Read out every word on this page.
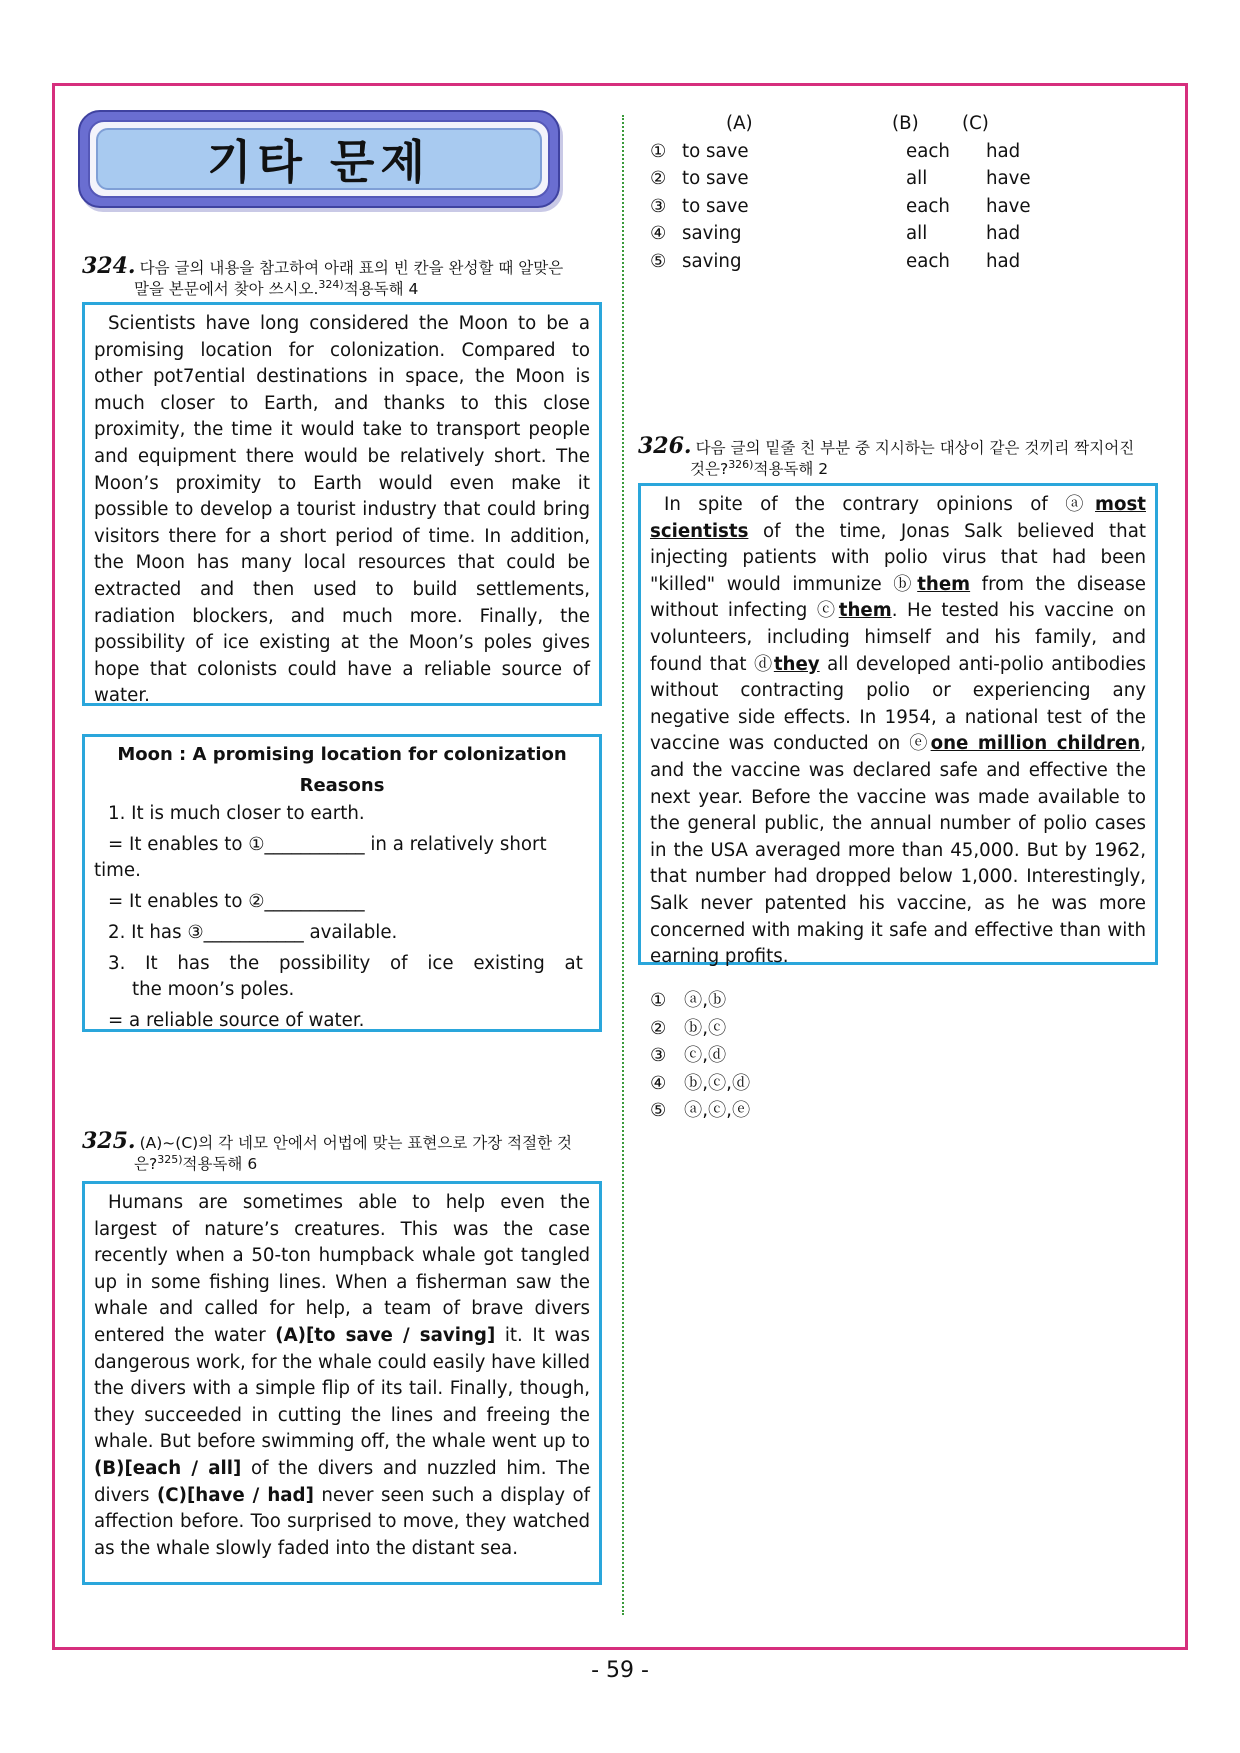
기타 문제
324. 다음 글의 내용을 참고하여 아래 표의 빈 칸을 완성할 때 알맞은
말을 본문에서 찾아 쓰시오.$^{324)}$적용독해 4
Scientists have long considered the Moon to be a promising location for colonization. Compared to other pot7ential destinations in space, the Moon is much closer to Earth, and thanks to this close proximity, the time it would take to transport people and equipment there would be relatively short. The Moon’s proximity to Earth would even make it possible to develop a tourist industry that could bring visitors there for a short period of time. In addition, the Moon has many local resources that could be extracted and then used to build settlements, radiation blockers, and much more. Finally, the possibility of ice existing at the Moon’s poles gives hope that colonists could have a reliable source of water.
Moon : A promising location for colonization
Reasons
1. It is much closer to earth.
= It enables to ①___________ in a relatively short
time.
= It enables to ②___________
2. It has ③___________ available.
3. It has the possibility of ice existing at
the moon’s poles.
= a reliable source of water.
325. (A)~(C)의 각 네모 안에서 어법에 맞는 표현으로 가장 적절한 것
은?$^{325)}$적용독해 6
Humans are sometimes able to help even the largest of nature’s creatures. This was the case recently when a 50-ton humpback whale got tangled up in some fishing lines. When a fisherman saw the whale and called for help, a team of brave divers entered the water (A)[to save / saving] it. It was dangerous work, for the whale could easily have killed the divers with a simple flip of its tail. Finally, though, they succeeded in cutting the lines and freeing the whale. But before swimming off, the whale went up to (B)[each / all] of the divers and nuzzled him. The divers (C)[have / had] never seen such a display of affection before. Too surprised to move, they watched as the whale slowly faded into the distant sea.
(A)	(B)	(C)
① to save	each	had
② to save	all	have
③ to save	each	have
④ saving	all	had
⑤ saving	each	had
326. 다음 글의 밑줄 친 부분 중 지시하는 대상이 같은 것끼리 짝지어진
것은?$^{326)}$적용독해 2
In spite of the contrary opinions of ⓐmost scientists of the time, Jonas Salk believed that injecting patients with polio virus that had been "killed" would immunize ⓑthem from the disease without infecting ⓒthem. He tested his vaccine on volunteers, including himself and his family, and found that ⓓthey all developed anti-polio antibodies without contracting polio or experiencing any negative side effects. In 1954, a national test of the vaccine was conducted on ⓔone million children, and the vaccine was declared safe and effective the next year. Before the vaccine was made available to the general public, the annual number of polio cases in the USA averaged more than 45,000. But by 1962, that number had dropped below 1,000. Interestingly, Salk never patented his vaccine, as he was more concerned with making it safe and effective than with earning profits.
① ⓐ,ⓑ
② ⓑ,ⓒ
③ ⓒ,ⓓ
④ ⓑ,ⓒ,ⓓ
⑤ ⓐ,ⓒ,ⓔ
- 59 -
